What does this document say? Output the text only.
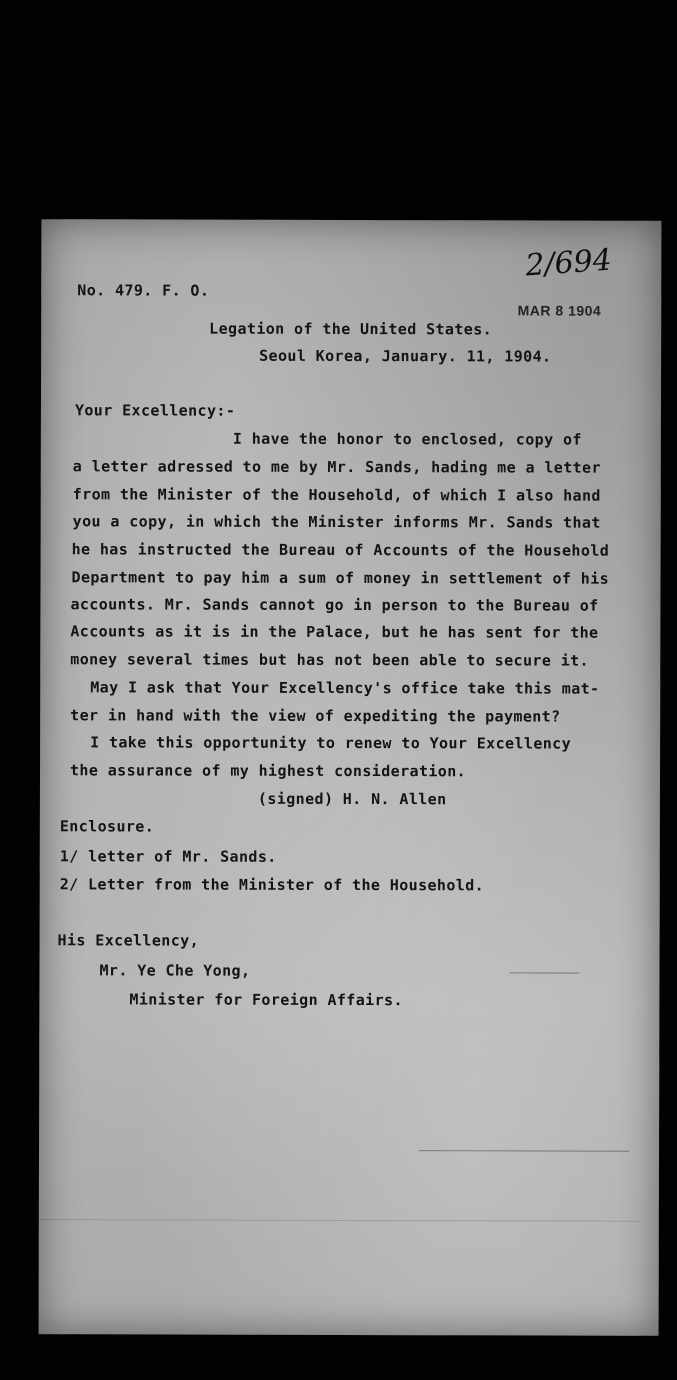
2/694
MAR 8 1904
No. 479. F. O.
Legation of the United States.
Seoul Korea, January. 11, 1904.
Your Excellency:-
I have the honor to enclosed, copy of
a letter adressed to me by Mr. Sands, hading me a letter
from the Minister of the Household, of which I also hand
you a copy, in which the Minister informs Mr. Sands that
he has instructed the Bureau of Accounts of the Household
Department to pay him a sum of money in settlement of his
accounts. Mr. Sands cannot go in person to the Bureau of
Accounts as it is in the Palace, but he has sent for the
money several times but has not been able to secure it.
May I ask that Your Excellency's office take this mat-
ter in hand with the view of expediting the payment?
I take this opportunity to renew to Your Excellency
the assurance of my highest consideration.
(signed) H. N. Allen
Enclosure.
1/ letter of Mr. Sands.
2/ Letter from the Minister of the Household.
His Excellency,
Mr. Ye Che Yong,
Minister for Foreign Affairs.
